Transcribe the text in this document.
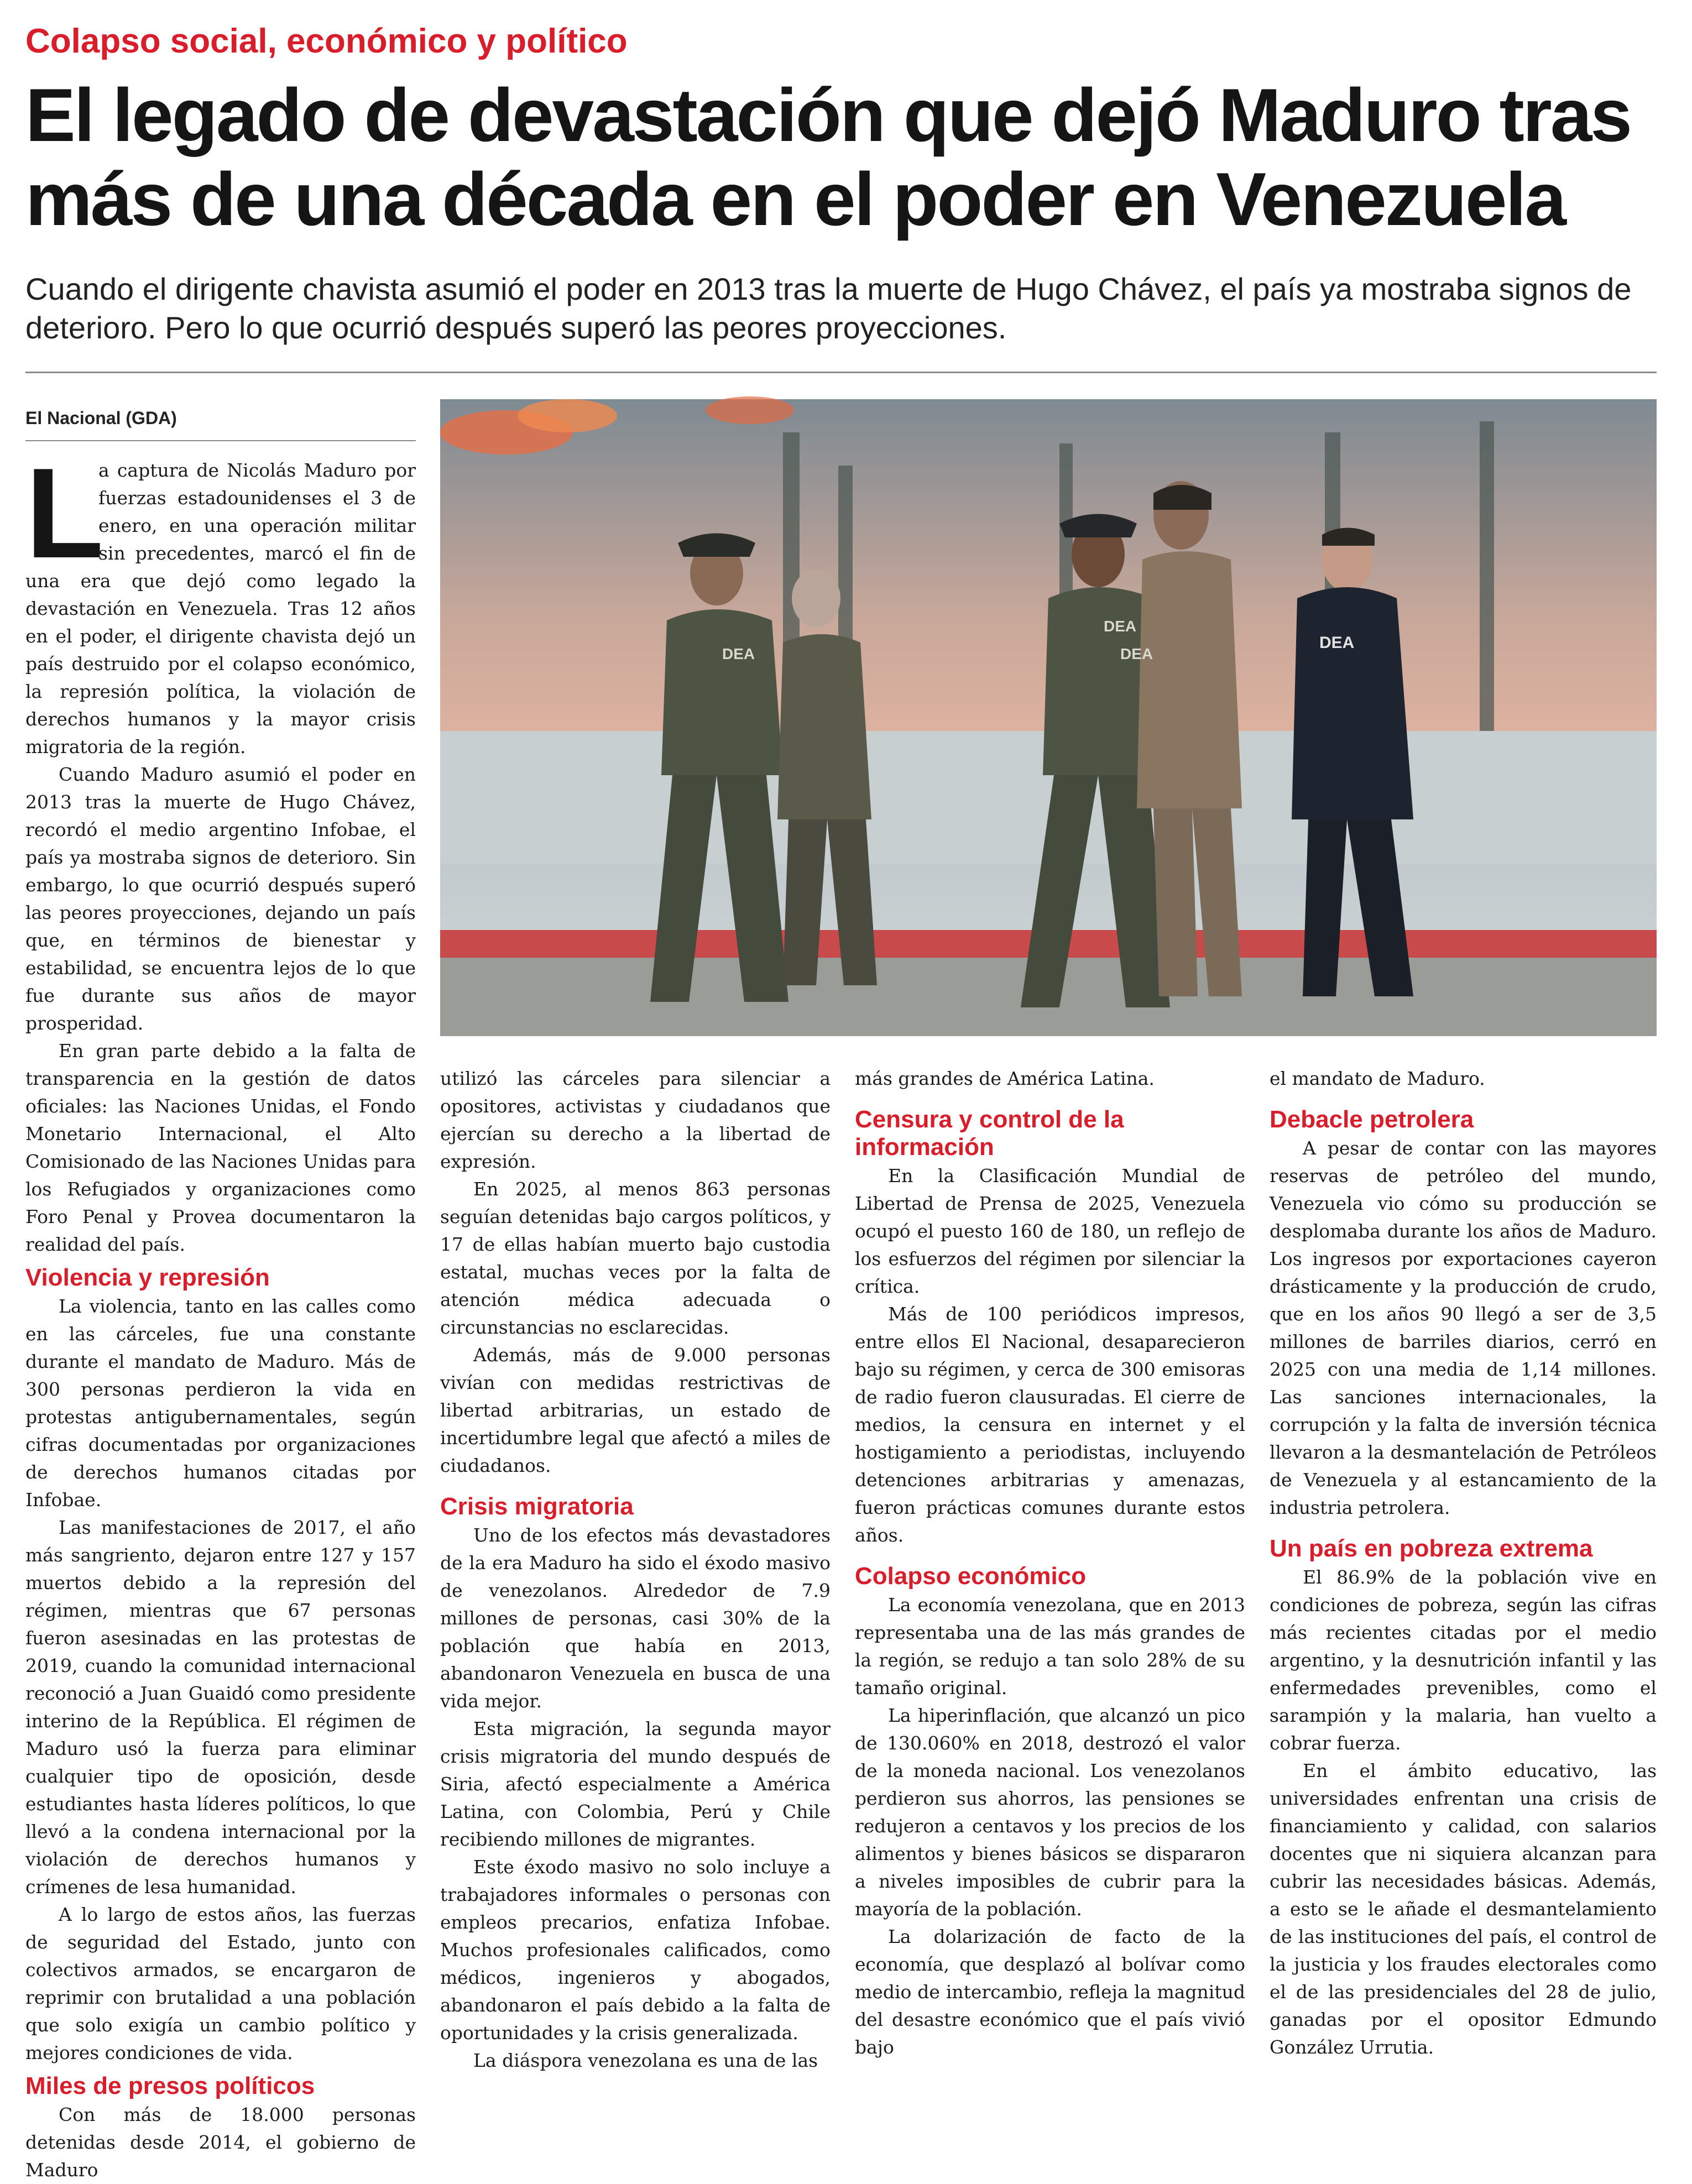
Colapso social, económico y político
El legado de devastación que dejó Maduro tras más de una década en el poder en Venezuela

Cuando el dirigente chavista asumió el poder en 2013 tras la muerte de Hugo Chávez, el país ya mostraba signos de deterioro. Pero lo que ocurrió después superó las peores proyecciones.

El Nacional (GDA)

L
a captura de Nicolás Maduro por fuerzas estadounidenses el 3 de enero, en una operación militar sin precedentes, marcó el fin de una era que dejó como legado la devastación en Venezuela. Tras 12 años en el poder, el dirigente chavista dejó un país destruido por el colapso económico, la represión política, la violación de derechos humanos y la mayor crisis migratoria de la región.

Cuando Maduro asumió el poder en 2013 tras la muerte de Hugo Chávez, recordó el medio argentino Infobae, el país ya mostraba signos de deterioro. Sin embargo, lo que ocurrió después superó las peores proyecciones, dejando un país que, en términos de bienestar y estabilidad, se encuentra lejos de lo que fue durante sus años de mayor prosperidad.

En gran parte debido a la falta de transparencia en la gestión de datos oficiales: las Naciones Unidas, el Fondo Monetario Internacional, el Alto Comisionado de las Naciones Unidas para los Refugiados y organizaciones como Foro Penal y Provea documentaron la realidad del país.

Violencia y represión

La violencia, tanto en las calles como en las cárceles, fue una constante durante el mandato de Maduro. Más de 300 personas perdieron la vida en protestas antigubernamentales, según cifras documentadas por organizaciones de derechos humanos citadas por Infobae.

Las manifestaciones de 2017, el año más sangriento, dejaron entre 127 y 157 muertos debido a la represión del régimen, mientras que 67 personas fueron asesinadas en las protestas de 2019, cuando la comunidad internacional reconoció a Juan Guaidó como presidente interino de la República. El régimen de Maduro usó la fuerza para eliminar cualquier tipo de oposición, desde estudiantes hasta líderes políticos, lo que llevó a la condena internacional por la violación de derechos humanos y crímenes de lesa humanidad.

A lo largo de estos años, las fuerzas de seguridad del Estado, junto con colectivos armados, se encargaron de reprimir con brutalidad a una población que solo exigía un cambio político y mejores condiciones de vida.

Miles de presos políticos

Con más de 18.000 personas detenidas desde 2014, el gobierno de Maduro

DEA
DEA
DEA
DEA

utilizó las cárceles para silenciar a opositores, activistas y ciudadanos que ejercían su derecho a la libertad de expresión.

En 2025, al menos 863 personas seguían detenidas bajo cargos políticos, y 17 de ellas habían muerto bajo custodia estatal, muchas veces por la falta de atención médica adecuada o circunstancias no esclarecidas.

Además, más de 9.000 personas vivían con medidas restrictivas de libertad arbitrarias, un estado de incertidumbre legal que afectó a miles de ciudadanos.

Crisis migratoria

Uno de los efectos más devastadores de la era Maduro ha sido el éxodo masivo de venezolanos. Alrededor de 7.9 millones de personas, casi 30% de la población que había en 2013, abandonaron Venezuela en busca de una vida mejor.

Esta migración, la segunda mayor crisis migratoria del mundo después de Siria, afectó especialmente a América Latina, con Colombia, Perú y Chile recibiendo millones de migrantes.

Este éxodo masivo no solo incluye a trabajadores informales o personas con empleos precarios, enfatiza Infobae. Muchos profesionales calificados, como médicos, ingenieros y abogados, abandonaron el país debido a la falta de oportunidades y la crisis generalizada.

La diáspora venezolana es una de las

más grandes de América Latina.

Censura y control de la información

En la Clasificación Mundial de Libertad de Prensa de 2025, Venezuela ocupó el puesto 160 de 180, un reflejo de los esfuerzos del régimen por silenciar la crítica.

Más de 100 periódicos impresos, entre ellos El Nacional, desaparecieron bajo su régimen, y cerca de 300 emisoras de radio fueron clausuradas. El cierre de medios, la censura en internet y el hostigamiento a periodistas, incluyendo detenciones arbitrarias y amenazas, fueron prácticas comunes durante estos años.

Colapso económico

La economía venezolana, que en 2013 representaba una de las más grandes de la región, se redujo a tan solo 28% de su tamaño original.

La hiperinflación, que alcanzó un pico de 130.060% en 2018, destrozó el valor de la moneda nacional. Los venezolanos perdieron sus ahorros, las pensiones se redujeron a centavos y los precios de los alimentos y bienes básicos se dispararon a niveles imposibles de cubrir para la mayoría de la población.

La dolarización de facto de la economía, que desplazó al bolívar como medio de intercambio, refleja la magnitud del desastre económico que el país vivió bajo

el mandato de Maduro.

Debacle petrolera

A pesar de contar con las mayores reservas de petróleo del mundo, Venezuela vio cómo su producción se desplomaba durante los años de Maduro. Los ingresos por exportaciones cayeron drásticamente y la producción de crudo, que en los años 90 llegó a ser de 3,5 millones de barriles diarios, cerró en 2025 con una media de 1,14 millones. Las sanciones internacionales, la corrupción y la falta de inversión técnica llevaron a la desmantelación de Petróleos de Venezuela y al estancamiento de la industria petrolera.

Un país en pobreza extrema

El 86.9% de la población vive en condiciones de pobreza, según las cifras más recientes citadas por el medio argentino, y la desnutrición infantil y las enfermedades prevenibles, como el sarampión y la malaria, han vuelto a cobrar fuerza.

En el ámbito educativo, las universidades enfrentan una crisis de financiamiento y calidad, con salarios docentes que ni siquiera alcanzan para cubrir las necesidades básicas. Además, a esto se le añade el desmantelamiento de las instituciones del país, el control de la justicia y los fraudes electorales como el de las presidenciales del 28 de julio, ganadas por el opositor Edmundo González Urrutia.
